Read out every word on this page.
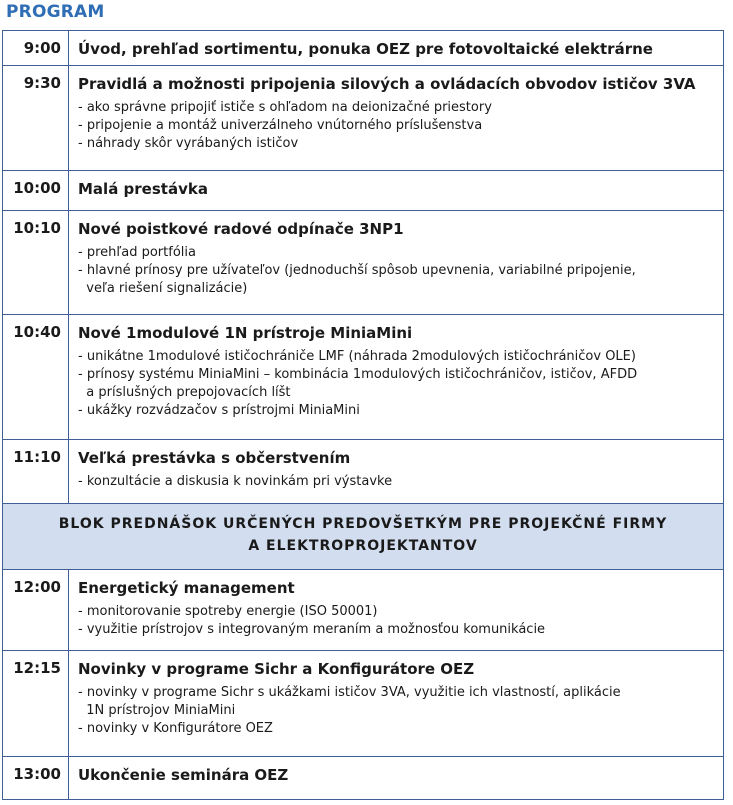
PROGRAM
9:00 Úvod, prehľad sortimentu, ponuka OEZ pre fotovoltaické elektrárne
9:30 Pravidlá a možnosti pripojenia silových a ovládacích obvodov ističov 3VA
- ako správne pripojiť ističe s ohľadom na deionizačné priestory
- pripojenie a montáž univerzálneho vnútorného príslušenstva
- náhrady skôr vyrábaných ističov
10:00 Malá prestávka
10:10 Nové poistkové radové odpínače 3NP1
- prehľad portfólia
- hlavné prínosy pre užívateľov (jednoduchší spôsob upevnenia, variabilné pripojenie,
veľa riešení signalizácie)
10:40 Nové 1modulové 1N prístroje MiniaMini
- unikátne 1modulové ističochrániče LMF (náhrada 2modulových ističochráničov OLE)
- prínosy systému MiniaMini – kombinácia 1modulových ističochráničov, ističov, AFDD
a príslušných prepojovacích líšt
- ukážky rozvádzačov s prístrojmi MiniaMini
11:10 Veľká prestávka s občerstvením
- konzultácie a diskusia k novinkám pri výstavke
BLOK PREDNÁŠOK URČENÝCH PREDOVŠETKÝM PRE PROJEKČNÉ FIRMY
A ELEKTROPROJEKTANTOV
12:00 Energetický management
- monitorovanie spotreby energie (ISO 50001)
- využitie prístrojov s integrovaným meraním a možnosťou komunikácie
12:15 Novinky v programe Sichr a Konfigurátore OEZ
- novinky v programe Sichr s ukážkami ističov 3VA, využitie ich vlastností, aplikácie
1N prístrojov MiniaMini
- novinky v Konfigurátore OEZ
13:00 Ukončenie seminára OEZ
